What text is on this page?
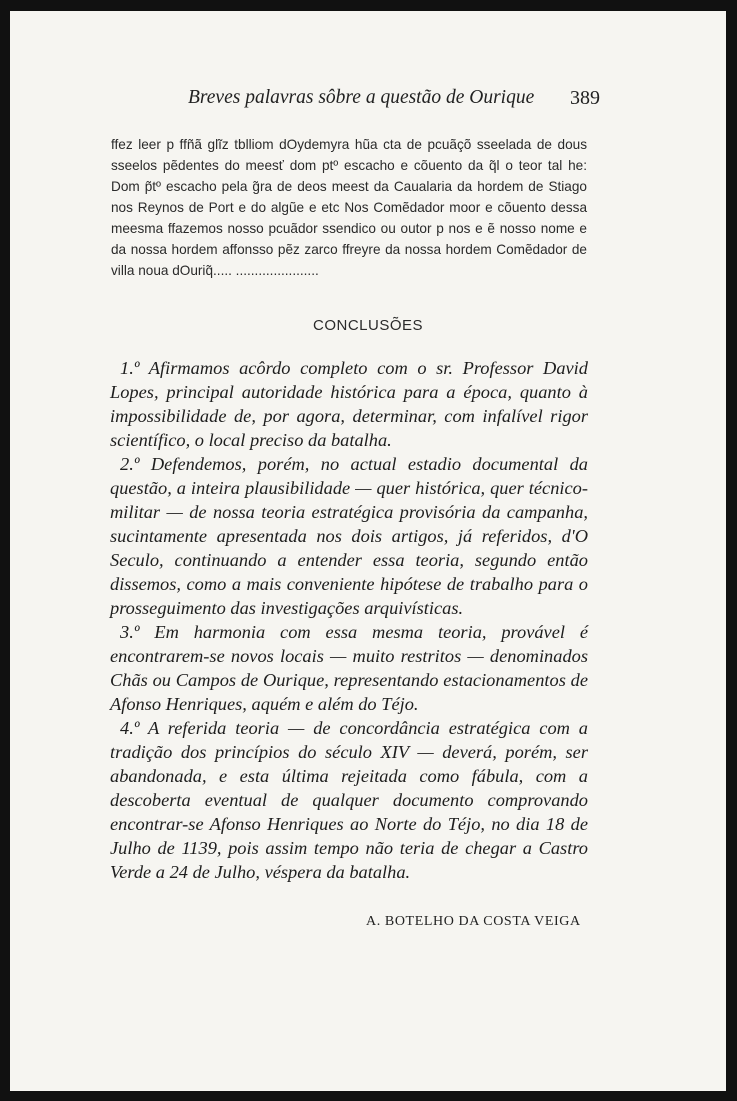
Breves palavras sôbre a questão de Ourique 389
ffez leer p ffñã glĩz tblliom dOydemyra hũa cta de pcuãçõ sseelada de dous sseelos pẽdentes do meesť dom ptº escacho e cõuento da q̃l o teor tal he: Dom p̃tº escacho pela g̃ra de deos meest da Caualaria da hordem de Stiago nos Reynos de Port e do algũe e etc Nos Comẽdador moor e cõuento dessa meesma ffazemos nosso pcuãdor ssendico ou outor p nos e ẽ nosso nome e da nossa hordem affonsso pẽz zarco ffreyre da nossa hordem Comẽdador de villa noua dOuriq̃..... ......................
CONCLUSÕES

1.º Afirmamos acôrdo completo com o sr. Professor David Lopes, principal autoridade histórica para a época, quanto à impossibilidade de, por agora, determinar, com infalível rigor scientífico, o local preciso da batalha.

2.º Defendemos, porém, no actual estadio documental da questão, a inteira plausibilidade — quer histórica, quer técnico-militar — de nossa teoria estratégica provisória da campanha, sucintamente apresentada nos dois artigos, já referidos, d'O Seculo, continuando a entender essa teoria, segundo então dissemos, como a mais conveniente hipótese de trabalho para o prosseguimento das investigações arquivísticas.

3.º Em harmonia com essa mesma teoria, provável é encontrarem-se novos locais — muito restritos — denominados Chãs ou Campos de Ourique, representando estacionamentos de Afonso Henriques, aquém e além do Téjo.

4.º A referida teoria — de concordância estratégica com a tradição dos princípios do século XIV — deverá, porém, ser abandonada, e esta última rejeitada como fábula, com a descoberta eventual de qualquer documento comprovando encontrar-se Afonso Henriques ao Norte do Téjo, no dia 18 de Julho de 1139, pois assim tempo não teria de chegar a Castro Verde a 24 de Julho, véspera da batalha.

A. BOTELHO DA COSTA VEIGA
